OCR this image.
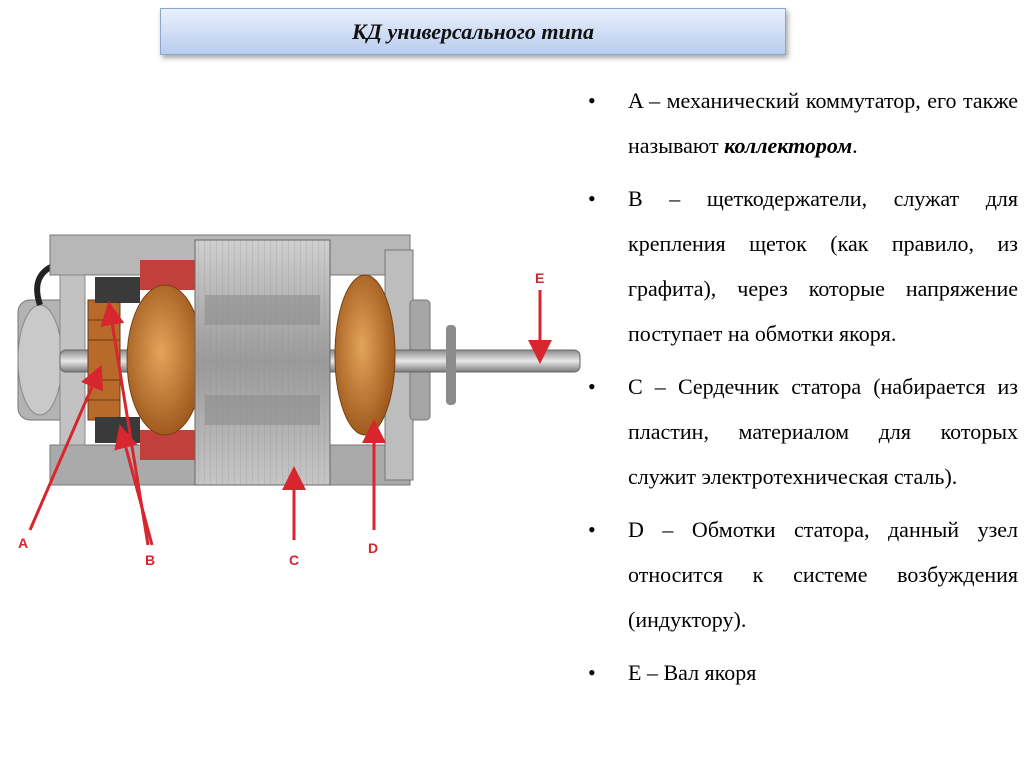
КД универсального типа
A
B	C
D
E
• A – механический коммутатор, его также называют коллектором.
• B – щеткодержатели, служат для крепления щеток (как правило, из графита), через которые напряжение поступает на обмотки якоря.
• C – Сердечник статора (набирается из пластин, материалом для которых служит электротехническая сталь).
• D – Обмотки статора, данный узел относится к системе возбуждения (индуктору).
• E – Вал якоря
